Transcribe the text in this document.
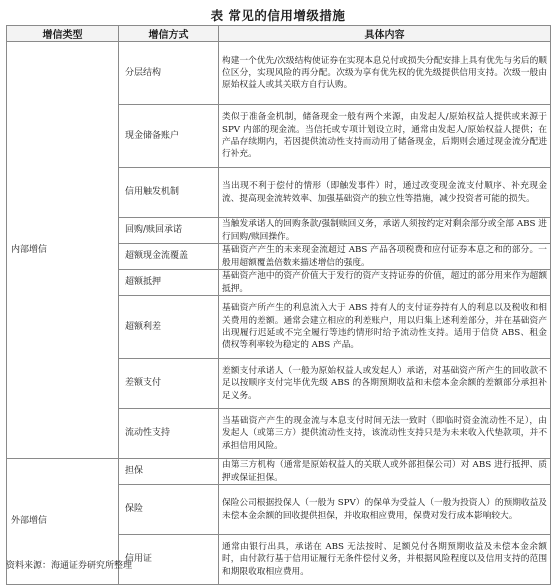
表 常见的信用增级措施
增信类型	增信方式	具体内容
内部增信	分层结构	构建一个优先/次级结构使证券在实现本息兑付或损失分配安排上具有优先与劣后的顺位区分，实现风险的再分配。次级为享有优先权的优先级提供信用支持。次级一般由原始权益人或其关联方自行认购。
	现金储备账户	类似于准备金机制，储备现金一般有两个来源，由发起人/原始权益人提供或来源于 SPV 内部的现金流。当信托或专项计划设立时，通常由发起人/原始权益人提供；在产品存续期内，若因提供流动性支持而动用了储备现金，后期则会通过现金流分配进行补充。
	信用触发机制	当出现不利于偿付的情形（即触发事件）时，通过改变现金流支付顺序、补充现金流、提高现金流转效率、加强基础资产的独立性等措施，减少投资者可能的损失。
	回购/赎回承诺	当触发承诺人的回购条款/强制赎回义务，承诺人须按约定对剩余部分或全部 ABS 进行回购/赎回操作。
	超额现金流覆盖	基础资产产生的未来现金流超过 ABS 产品各项税费和应付证券本息之和的部分。一般用超额覆盖倍数来描述增信的强度。
	超额抵押	基础资产池中的资产价值大于发行的资产支持证券的价值，超过的部分用来作为超额抵押。
	超额利差	基础资产所产生的利息流入大于 ABS 持有人的支付证券持有人的利息以及税收和相关费用的差额。通常会建立相应的利差账户，用以归集上述利差部分，并在基础资产出现履行迟延或不完全履行等违约情形时给予流动性支持。适用于信贷 ABS、租金债权等利率较为稳定的 ABS 产品。
	差额支付	差额支付承诺人（一般为原始权益人或发起人）承诺，对基础资产所产生的回收款不足以按顺序支付完毕优先级 ABS 的各期预期收益和未偿本金余额的差额部分承担补足义务。
	流动性支持	当基础资产产生的现金流与本息支付时间无法一致时（即临时资金流动性不足），由发起人（或第三方）提供流动性支持，该流动性支持只是为未来收入代垫款项，并不承担信用风险。
外部增信	担保	由第三方机构（通常是原始权益人的关联人或外部担保公司）对 ABS 进行抵押、质押或保证担保。
	保险	保险公司根据投保人（一般为 SPV）的保单为受益人（一般为投资人）的预期收益及未偿本金余额的回收提供担保，并收取相应费用，保费对发行成本影响较大。
	信用证	通常由银行出具，承诺在 ABS 无法按时、足额兑付各期预期收益及未偿本金余额时，由付款行基于信用证履行无条件偿付义务，并根据风险程度以及信用支持的范围和期限收取相应费用。
资料来源：海通证券研究所整理
